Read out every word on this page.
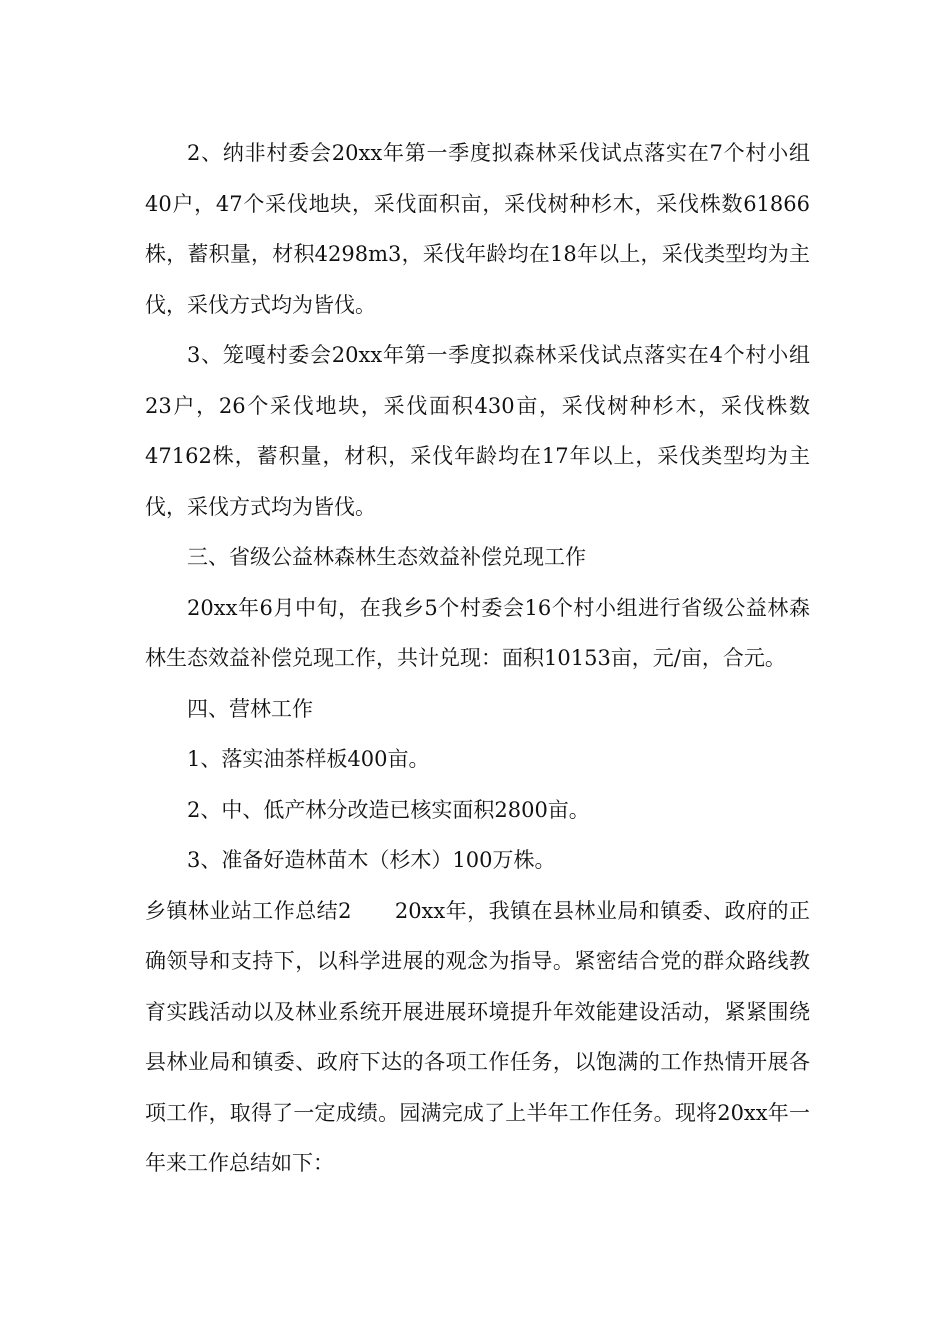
2、纳非村委会20xx年第一季度拟森林采伐试点落实在7个村小组40户，47个采伐地块，采伐面积亩，采伐树种杉木，采伐株数61866株，蓄积量，材积4298m3，采伐年龄均在18年以上，采伐类型均为主伐，采伐方式均为皆伐。

3、笼嘎村委会20xx年第一季度拟森林采伐试点落实在4个村小组23户，26个采伐地块，采伐面积430亩，采伐树种杉木，采伐株数47162株，蓄积量，材积，采伐年龄均在17年以上，采伐类型均为主伐，采伐方式均为皆伐。

三、省级公益林森林生态效益补偿兑现工作

20xx年6月中旬，在我乡5个村委会16个村小组进行省级公益林森林生态效益补偿兑现工作，共计兑现：面积10153亩，元/亩，合元。

四、营林工作

1、落实油茶样板400亩。

2、中、低产林分改造已核实面积2800亩。

3、准备好造林苗木（杉木）100万株。

乡镇林业站工作总结2　　20xx年，我镇在县林业局和镇委、政府的正确领导和支持下，以科学进展的观念为指导。紧密结合党的群众路线教育实践活动以及林业系统开展进展环境提升年效能建设活动，紧紧围绕县林业局和镇委、政府下达的各项工作任务，以饱满的工作热情开展各项工作，取得了一定成绩。园满完成了上半年工作任务。现将20xx年一年来工作总结如下：
